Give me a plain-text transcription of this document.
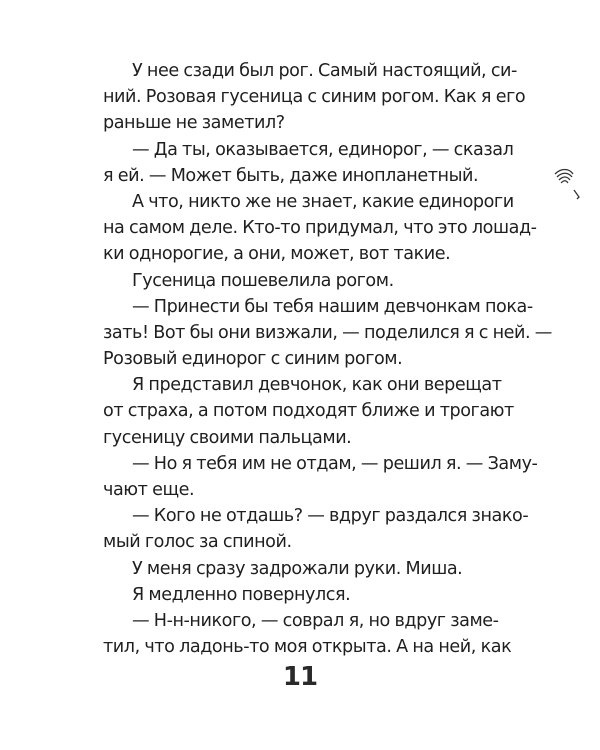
У нее сзади был рог. Самый настоящий, си-
ний. Розовая гусеница с синим рогом. Как я его
раньше не заметил?
— Да ты, оказывается, единорог, — сказал
я ей. — Может быть, даже инопланетный.
А что, никто же не знает, какие единороги
на самом деле. Кто-то придумал, что это лошад-
ки однорогие, а они, может, вот такие.
Гусеница пошевелила рогом.
— Принести бы тебя нашим девчонкам пока-
зать! Вот бы они визжали, — поделился я с ней. —
Розовый единорог с синим рогом.
Я представил девчонок, как они верещат
от страха, а потом подходят ближе и трогают
гусеницу своими пальцами.
— Но я тебя им не отдам, — решил я. — Заму-
чают еще.
— Кого не отдашь? — вдруг раздался знако-
мый голос за спиной.
У меня сразу задрожали руки. Миша.
Я медленно повернулся.
— Н-н-никого, — соврал я, но вдруг заме-
тил, что ладонь-то моя открыта. А на ней, как
11
